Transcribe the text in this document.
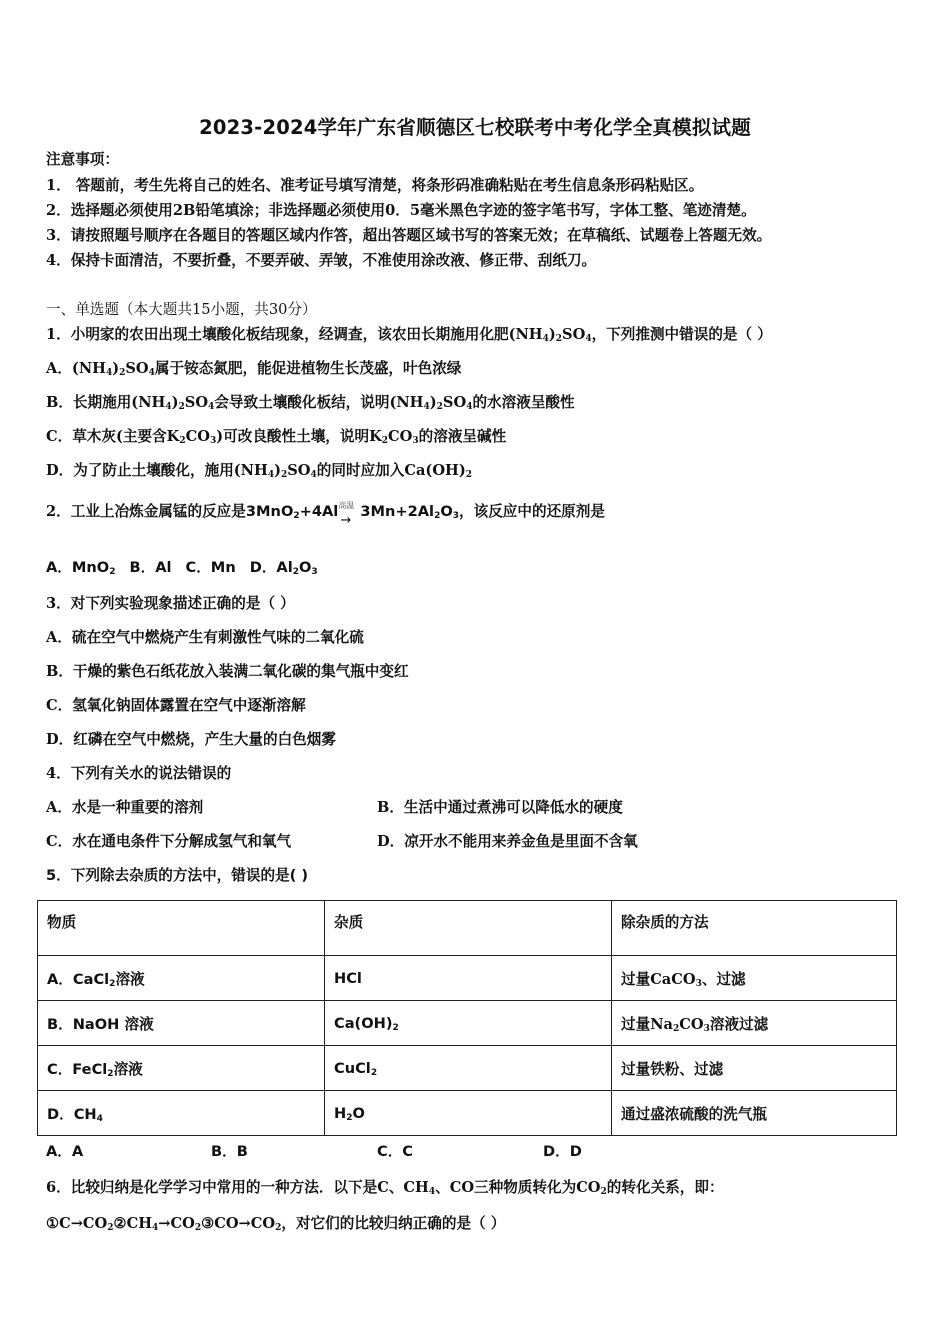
2023-2024学年广东省顺德区七校联考中考化学全真模拟试题
注意事项：
1． 答题前，考生先将自己的姓名、准考证号填写清楚，将条形码准确粘贴在考生信息条形码粘贴区。
2．选择题必须使用2B铅笔填涂；非选择题必须使用0．5毫米黑色字迹的签字笔书写，字体工整、笔迹清楚。
3．请按照题号顺序在各题目的答题区域内作答，超出答题区域书写的答案无效；在草稿纸、试题卷上答题无效。
4．保持卡面清洁，不要折叠，不要弄破、弄皱，不准使用涂改液、修正带、刮纸刀。
一、单选题（本大题共15小题，共30分）
1．小明家的农田出现土壤酸化板结现象，经调查，该农田长期施用化肥$(NH_4)_2SO_4$，下列推测中错误的是（ ）
A．$(NH_4)_2SO_4$属于铵态氮肥，能促进植物生长茂盛，叶色浓绿
B．长期施用$(NH_4)_2SO_4$会导致土壤酸化板结，说明$(NH_4)_2SO_4$的水溶液呈酸性
C．草木灰(主要含$K_2CO_3$)可改良酸性土壤，说明$K_2CO_3$的溶液呈碱性
D．为了防止土壤酸化，施用$(NH_4)_2SO_4$的同时应加入$Ca(OH)_2$
2．工业上冶炼金属锰的反应是3MnO$_2$+4Al 高温
→
$3Mn+2Al_2O_3$，该反应中的还原剂是
A．MnO$_2$ B．Al C．Mn D．$Al_2O_3$
3．对下列实验现象描述正确的是（ ）
A．硫在空气中燃烧产生有刺激性气味的二氧化硫
B．干燥的紫色石纸花放入装满二氧化碳的集气瓶中变红
C．氢氧化钠固体露置在空气中逐渐溶解
D．红磷在空气中燃烧，产生大量的白色烟雾
4．下列有关水的说法错误的
A．水是一种重要的溶剂	B．生活中通过煮沸可以降低水的硬度
C．水在通电条件下分解成氢气和氧气	D．凉开水不能用来养金鱼是里面不含氧
5．下列除去杂质的方法中，错误的是( )
物质	杂质	除杂质的方法
A．CaCl$_2$溶液	HCl	过量CaCO$_3$、过滤
B．NaOH 溶液	$Ca(OH)_2$	过量$Na_2CO_3$溶液过滤
C．FeCl$_2$溶液	CuCl$_2$	过量铁粉、过滤
D．$CH_4$	$H_2O$	通过盛浓硫酸的洗气瓶
A．A	B．B	C．C	D．D
6．比较归纳是化学学习中常用的一种方法．以下是C、$CH_4$、CO三种物质转化为$CO_2$的转化关系，即：
$①C\to CO_2②CH_4\to CO_2③CO\to CO_2$，对它们的比较归纳正确的是（ ）
